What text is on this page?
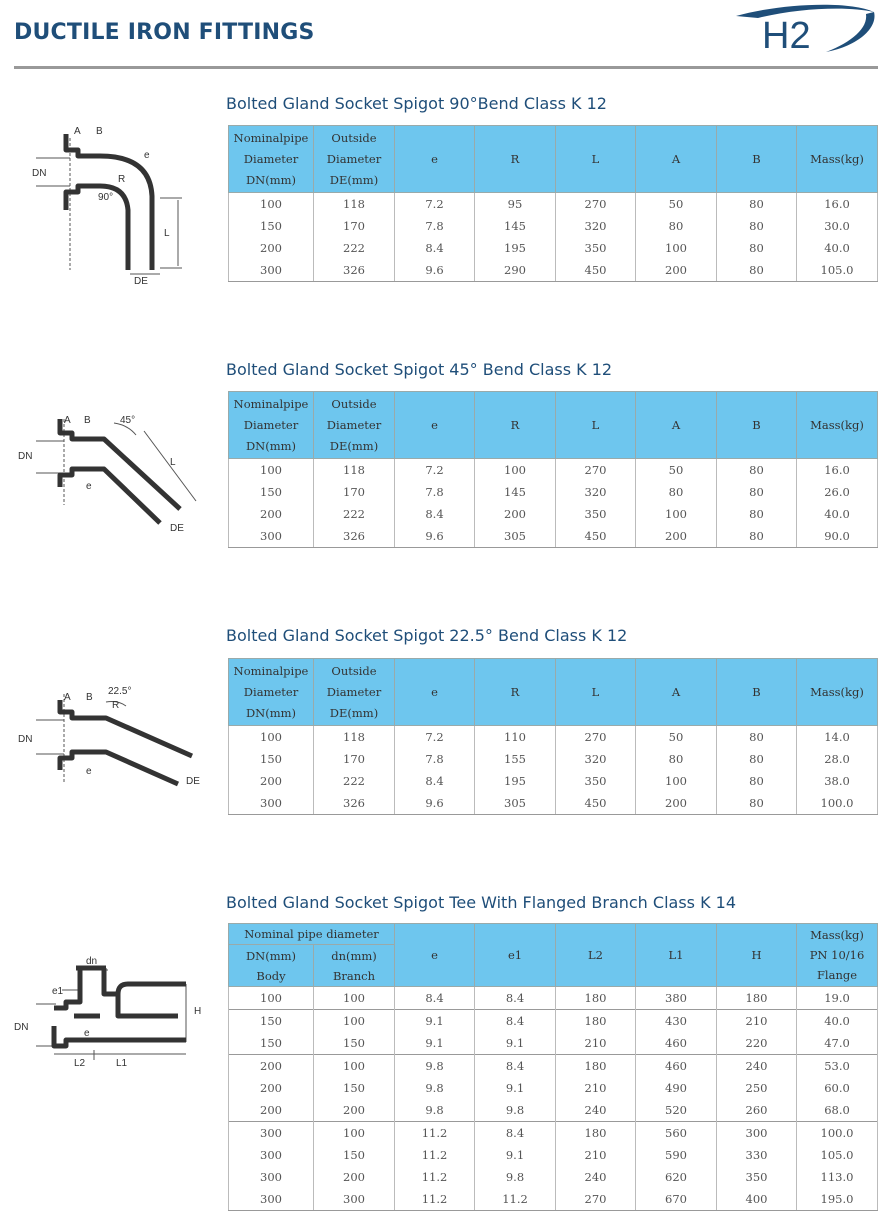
DUCTILE IRON FITTINGS	H2
Bolted Gland Socket Spigot 90°Bend Class K 12
A B
DN
e
R
90°
L
DE
Nominalpipe
Diameter
DN(mm)	Outside
Diameter
DE(mm)	e	R	L	A	B	Mass(kg)
100	118	7.2	95	270	50	80	16.0
150	170	7.8	145	320	80	80	30.0
200	222	8.4	195	350	100	80	40.0
300	326	9.6	290	450	200	80	105.0
Bolted Gland Socket Spigot 45° Bend Class K 12
A B	45°
DN
e
L
DE
Nominalpipe
Diameter
DN(mm)	Outside
Diameter
DE(mm)	e	R	L	A	B	Mass(kg)
100	118	7.2	100	270	50	80	16.0
150	170	7.8	145	320	80	80	26.0
200	222	8.4	200	350	100	80	40.0
300	326	9.6	305	450	200	80	90.0
Bolted Gland Socket Spigot 22.5° Bend Class K 12
A B
22.5°
R
DN
e
DE
Nominalpipe
Diameter
DN(mm)	Outside
Diameter
DE(mm)	e	R	L	A	B	Mass(kg)
100	118	7.2	110	270	50	80	14.0
150	170	7.8	155	320	80	80	28.0
200	222	8.4	195	350	100	80	38.0
300	326	9.6	305	450	200	80	100.0
Bolted Gland Socket Spigot Tee With Flanged Branch Class K 14
dn
e1
H
DN
e
L2	L1
Nominal pipe diameter		e	e1	L2	L1	H	Mass(kg)
PN 10/16
Flange
DN(mm)
Body	dn(mm)
Branch						
100	100	8.4	8.4	180	380	180	19.0
150	100	9.1	8.4	180	430	210	40.0
150	150	9.1	9.1	210	460	220	47.0
200	100	9.8	8.4	180	460	240	53.0
200	150	9.8	9.1	210	490	250	60.0
200	200	9.8	9.8	240	520	260	68.0
300	100	11.2	8.4	180	560	300	100.0
300	150	11.2	9.1	210	590	330	105.0
300	200	11.2	9.8	240	620	350	113.0
300	300	11.2	11.2	270	670	400	195.0
